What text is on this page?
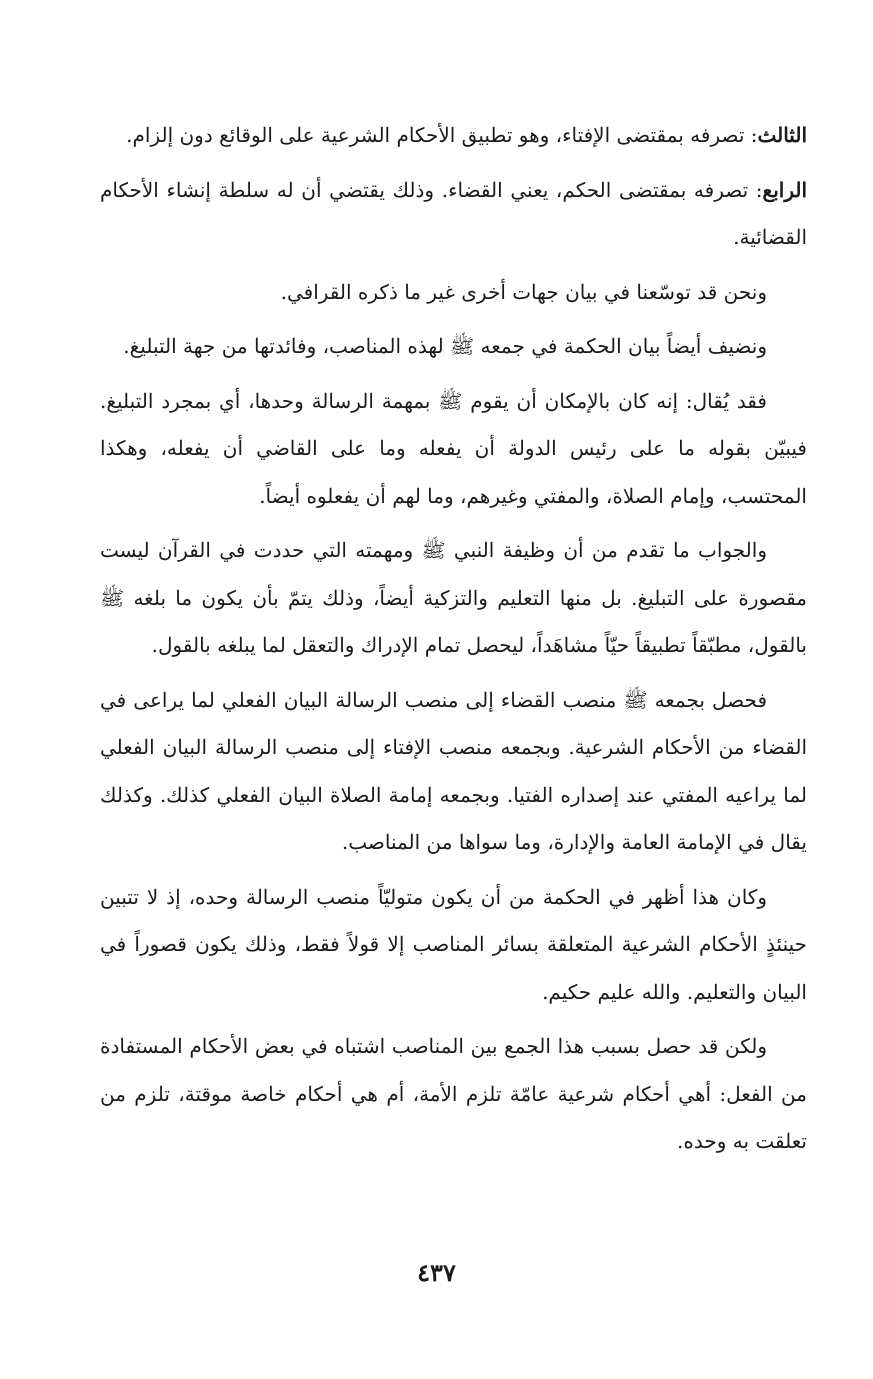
الثالث: تصرفه بمقتضى الإفتاء، وهو تطبيق الأحكام الشرعية على الوقائع دون إلزام.

الرابع: تصرفه بمقتضى الحكم، يعني القضاء. وذلك يقتضي أن له سلطة إنشاء الأحكام القضائية.

ونحن قد توسّعنا في بيان جهات أخرى غير ما ذكره القرافي.

ونضيف أيضاً بيان الحكمة في جمعه ﷺ لهذه المناصب، وفائدتها من جهة التبليغ.

فقد يُقال: إنه كان بالإمكان أن يقوم ﷺ بمهمة الرسالة وحدها، أي بمجرد التبليغ. فيبيّن بقوله ما على رئيس الدولة أن يفعله وما على القاضي أن يفعله، وهكذا المحتسب، وإمام الصلاة، والمفتي وغيرهم، وما لهم أن يفعلوه أيضاً.

والجواب ما تقدم من أن وظيفة النبي ﷺ ومهمته التي حددت في القرآن ليست مقصورة على التبليغ. بل منها التعليم والتزكية أيضاً، وذلك يتمّ بأن يكون ما بلغه ﷺ بالقول، مطبّقاً تطبيقاً حيّاً مشاهَداً، ليحصل تمام الإدراك والتعقل لما يبلغه بالقول.

فحصل بجمعه ﷺ منصب القضاء إلى منصب الرسالة البيان الفعلي لما يراعى في القضاء من الأحكام الشرعية. وبجمعه منصب الإفتاء إلى منصب الرسالة البيان الفعلي لما يراعيه المفتي عند إصداره الفتيا. وبجمعه إمامة الصلاة البيان الفعلي كذلك. وكذلك يقال في الإمامة العامة والإدارة، وما سواها من المناصب.

وكان هذا أظهر في الحكمة من أن يكون متوليّاً منصب الرسالة وحده، إذ لا تتبين حينئذٍ الأحكام الشرعية المتعلقة بسائر المناصب إلا قولاً فقط، وذلك يكون قصوراً في البيان والتعليم. والله عليم حكيم.

ولكن قد حصل بسبب هذا الجمع بين المناصب اشتباه في بعض الأحكام المستفادة من الفعل: أهي أحكام شرعية عامّة تلزم الأمة، أم هي أحكام خاصة موقتة، تلزم من تعلقت به وحده.

٤٣٧
